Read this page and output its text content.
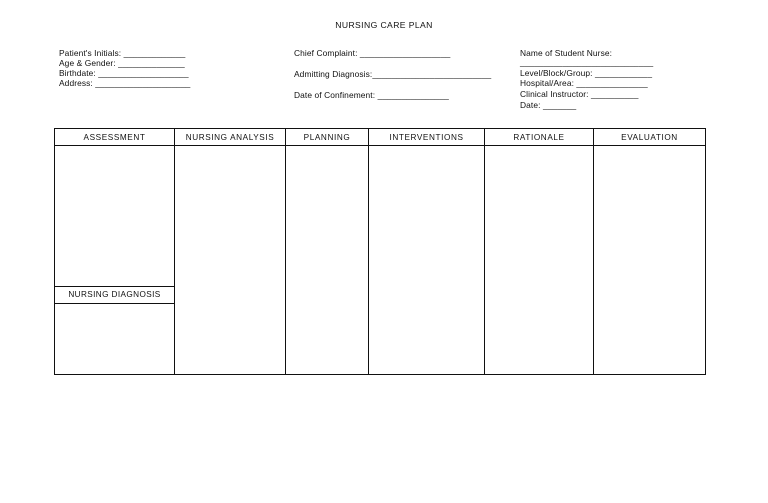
NURSING CARE PLAN
Patient's Initials: _____________
Age & Gender: ______________
Birthdate: ___________________
Address: ____________________
Chief Complaint: ___________________
Admitting Diagnosis:_________________________
Date of Confinement: _______________
Name of Student Nurse:
____________________________
Level/Block/Group: ____________
Hospital/Area: _______________
Clinical Instructor: __________
Date: _______
ASSESSMENT	NURSING ANALYSIS	PLANNING	INTERVENTIONS	RATIONALE	EVALUATION

NURSING DIAGNOSIS					
